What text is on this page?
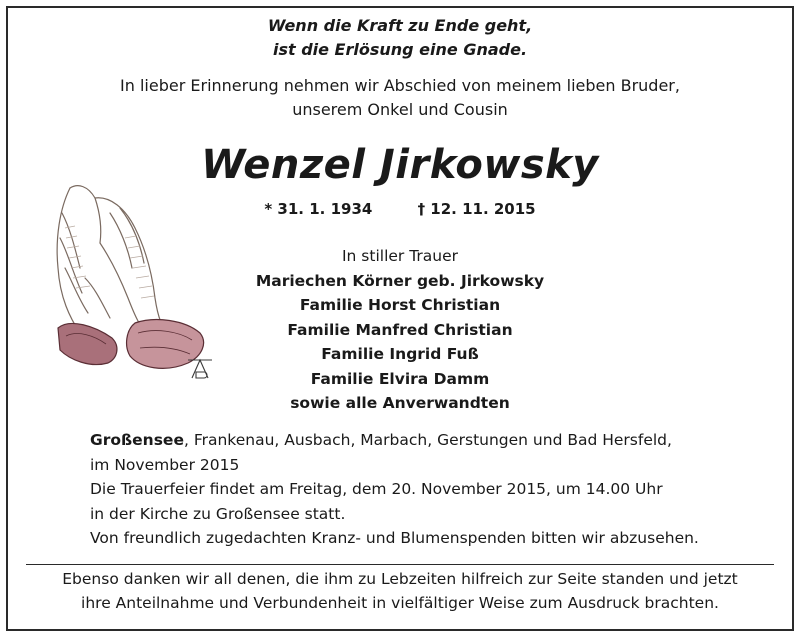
Wenn die Kraft zu Ende geht,
ist die Erlösung eine Gnade.
In lieber Erinnerung nehmen wir Abschied von meinem lieben Bruder,
unserem Onkel und Cousin
Wenzel Jirkowsky
* 31. 1. 1934	† 12. 11. 2015
In stiller Trauer
Mariechen Körner geb. Jirkowsky
Familie Horst Christian
Familie Manfred Christian
Familie Ingrid Fuß
Familie Elvira Damm
sowie alle Anverwandten
Großensee, Frankenau, Ausbach, Marbach, Gerstungen und Bad Hersfeld,
im November 2015
Die Trauerfeier findet am Freitag, dem 20. November 2015, um 14.00 Uhr
in der Kirche zu Großensee statt.
Von freundlich zugedachten Kranz- und Blumenspenden bitten wir abzusehen.
Ebenso danken wir all denen, die ihm zu Lebzeiten hilfreich zur Seite standen und jetzt
ihre Anteilnahme und Verbundenheit in vielfältiger Weise zum Ausdruck brachten.
